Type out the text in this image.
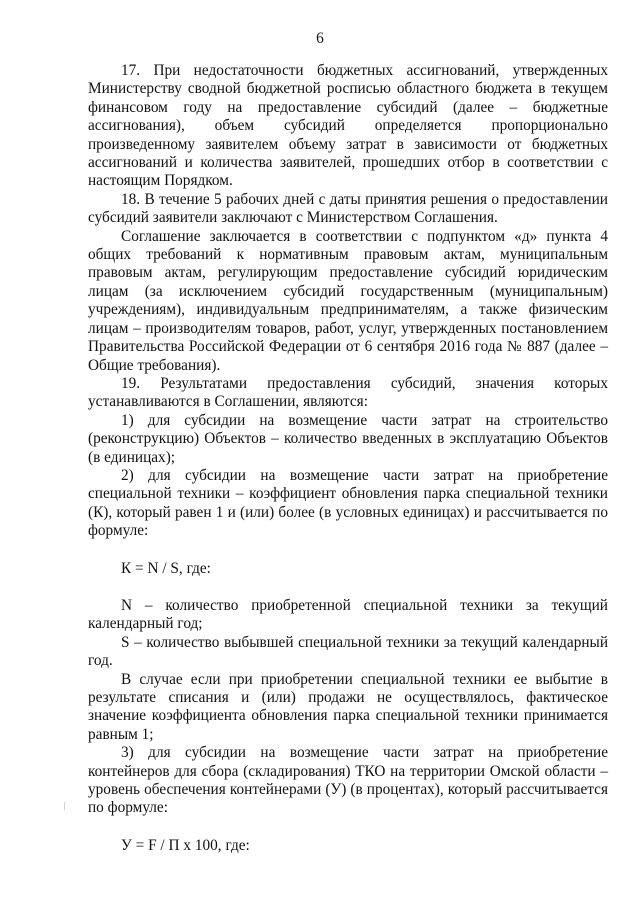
6

17. При недостаточности бюджетных ассигнований, утвержденных Министерству сводной бюджетной росписью областного бюджета в текущем финансовом году на предоставление субсидий (далее – бюджетные ассигнования), объем субсидий определяется пропорционально произведенному заявителем объему затрат в зависимости от бюджетных ассигнований и количества заявителей, прошедших отбор в соответствии с настоящим Порядком.

18. В течение 5 рабочих дней с даты принятия решения о предоставлении субсидий заявители заключают с Министерством Соглашения.

Соглашение заключается в соответствии с подпунктом «д» пункта 4 общих требований к нормативным правовым актам, муниципальным правовым актам, регулирующим предоставление субсидий юридическим лицам (за исключением субсидий государственным (муниципальным) учреждениям), индивидуальным предпринимателям, а также физическим лицам – производителям товаров, работ, услуг, утвержденных постановлением Правительства Российской Федерации от 6 сентября 2016 года № 887 (далее – Общие требования).

19. Результатами предоставления субсидий, значения которых устанавливаются в Соглашении, являются:

1) для субсидии на возмещение части затрат на строительство (реконструкцию) Объектов – количество введенных в эксплуатацию Объектов (в единицах);

2) для субсидии на возмещение части затрат на приобретение специальной техники – коэффициент обновления парка специальной техники (К), который равен 1 и (или) более (в условных единицах) и рассчитывается по формуле:

К = N / S, где:

N – количество приобретенной специальной техники за текущий календарный год;

S – количество выбывшей специальной техники за текущий календарный год.

В случае если при приобретении специальной техники ее выбытие в результате списания и (или) продажи не осуществлялось, фактическое значение коэффициента обновления парка специальной техники принимается равным 1;

3) для субсидии на возмещение части затрат на приобретение контейнеров для сбора (складирования) ТКО на территории Омской области – уровень обеспечения контейнерами (У) (в процентах), который рассчитывается по формуле:

У = F / П х 100, где:
